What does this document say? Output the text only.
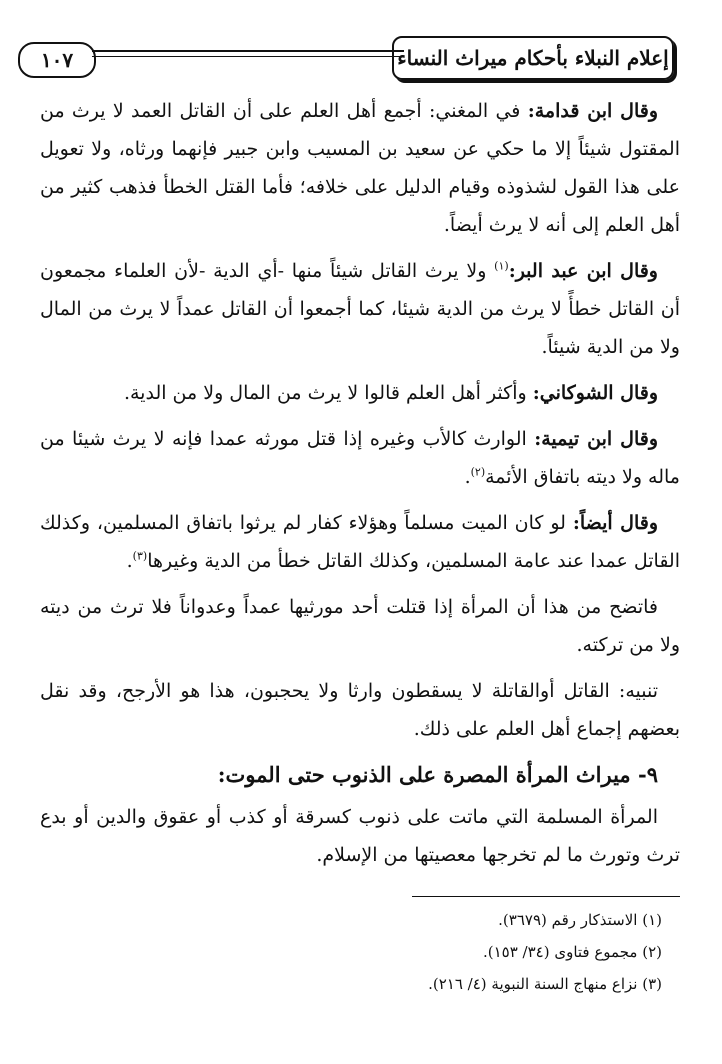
١٠٧	إعلام النبلاء بأحكام ميراث النساء

وقال ابن قدامة: في المغني: أجمع أهل العلم على أن القاتل العمد لا يرث من المقتول شيئاً إلا ما حكي عن سعيد بن المسيب وابن جبير فإنهما ورثاه، ولا تعويل على هذا القول لشذوذه وقيام الدليل على خلافه؛ فأما القتل الخطأ فذهب كثير من أهل العلم إلى أنه لا يرث أيضاً.

وقال ابن عبد البر:$^{(١)}$ ولا يرث القاتل شيئاً منها -أي الدية -لأن العلماء مجمعون أن القاتل خطأً لا يرث من الدية شيئا، كما أجمعوا أن القاتل عمداً لا يرث من المال ولا من الدية شيئاً.

وقال الشوكاني: وأكثر أهل العلم قالوا لا يرث من المال ولا من الدية.

وقال ابن تيمية: الوارث كالأب وغيره إذا قتل مورثه عمدا فإنه لا يرث شيئا من ماله ولا ديته باتفاق الأئمة$^{(٢)}$.

وقال أيضاً: لو كان الميت مسلماً وهؤلاء كفار لم يرثوا باتفاق المسلمين، وكذلك القاتل عمدا عند عامة المسلمين، وكذلك القاتل خطأ من الدية وغيرها$^{(٣)}$.

فاتضح من هذا أن المرأة إذا قتلت أحد مورثيها عمداً وعدواناً فلا ترث من ديته ولا من تركته.

تنبيه: القاتل أوالقاتلة لا يسقطون وارثا ولا يحجبون، هذا هو الأرجح، وقد نقل بعضهم إجماع أهل العلم على ذلك.

٩- ميراث المرأة المصرة على الذنوب حتى الموت:

المرأة المسلمة التي ماتت على ذنوب كسرقة أو كذب أو عقوق والدين أو بدع ترث وتورث ما لم تخرجها معصيتها من الإسلام.

(١) الاستذكار رقم (٣٦٧٩).

(٢) مجموع فتاوى (٣٤/ ١٥٣).

(٣) نزاع منهاج السنة النبوية (٤/ ٢١٦).
